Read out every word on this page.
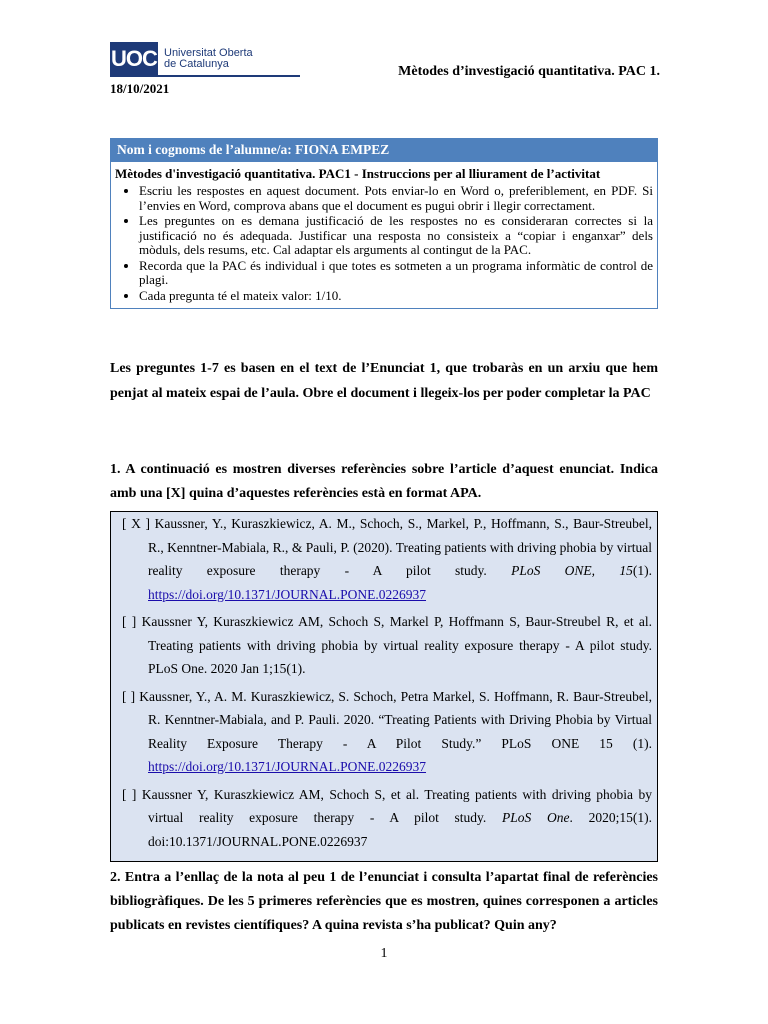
UOC Universitat Oberta
de Catalunya	Mètodes d’investigació quantitativa. PAC 1.
18/10/2021
Nom i cognoms de l’alumne/a: FIONA EMPEZ
Mètodes d'investigació quantitativa. PAC1 - Instruccions per al lliurament de l’activitat
• Escriu les respostes en aquest document. Pots enviar-lo en Word o, preferiblement, en PDF. Si l’envies en Word, comprova abans que el document es pugui obrir i llegir correctament.
• Les preguntes on es demana justificació de les respostes no es consideraran correctes si la justificació no és adequada. Justificar una resposta no consisteix a “copiar i enganxar” dels mòduls, dels resums, etc. Cal adaptar els arguments al contingut de la PAC.
• Recorda que la PAC és individual i que totes es sotmeten a un programa informàtic de control de plagi.
• Cada pregunta té el mateix valor: 1/10.
Les preguntes 1-7 es basen en el text de l’Enunciat 1, que trobaràs en un arxiu que hem penjat al mateix espai de l’aula. Obre el document i llegeix-los per poder completar la PAC
1. A continuació es mostren diverses referències sobre l’article d’aquest enunciat. Indica amb una [X] quina d’aquestes referències està en format APA.
[ X ] Kaussner, Y., Kuraszkiewicz, A. M., Schoch, S., Markel, P., Hoffmann, S., Baur-Streubel, R., Kenntner-Mabiala, R., & Pauli, P. (2020). Treating patients with driving phobia by virtual reality exposure therapy - A pilot study. PLoS ONE, 15(1). https://doi.org/10.1371/JOURNAL.PONE.0226937
[ ] Kaussner Y, Kuraszkiewicz AM, Schoch S, Markel P, Hoffmann S, Baur-Streubel R, et al. Treating patients with driving phobia by virtual reality exposure therapy - A pilot study. PLoS One. 2020 Jan 1;15(1).
[ ] Kaussner, Y., A. M. Kuraszkiewicz, S. Schoch, Petra Markel, S. Hoffmann, R. Baur-Streubel, R. Kenntner-Mabiala, and P. Pauli. 2020. “Treating Patients with Driving Phobia by Virtual Reality Exposure Therapy - A Pilot Study.” PLoS ONE 15 (1). https://doi.org/10.1371/JOURNAL.PONE.0226937
[ ] Kaussner Y, Kuraszkiewicz AM, Schoch S, et al. Treating patients with driving phobia by virtual reality exposure therapy - A pilot study. PLoS One. 2020;15(1). doi:10.1371/JOURNAL.PONE.0226937
2. Entra a l’enllaç de la nota al peu 1 de l’enunciat i consulta l’apartat final de referències bibliogràfiques. De les 5 primeres referències que es mostren, quines corresponen a articles publicats en revistes científiques? A quina revista s’ha publicat? Quin any?
1
